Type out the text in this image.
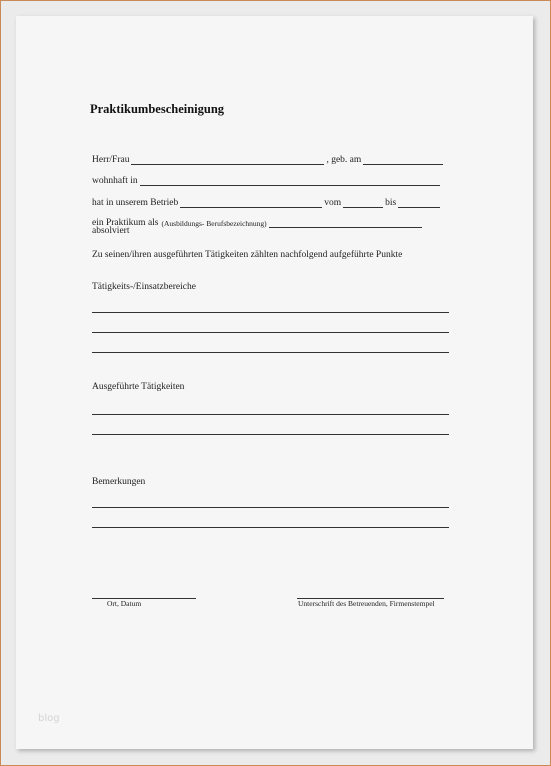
Praktikumbescheinigung
Herr/Frau	, geb. am
wohnhaft in
hat in unserem Betrieb	vom	bis
ein Praktikum als (Ausbildungs- Berufsbezeichnung)
absolviert
Zu seinen/ihren ausgeführten Tätigkeiten zählten nachfolgend aufgeführte Punkte
Tätigkeits-/Einsatzbereiche
Ausgeführte Tätigkeiten
Bemerkungen
Ort, Datum	Unterschrift des Betreuenden, Firmenstempel
blog
